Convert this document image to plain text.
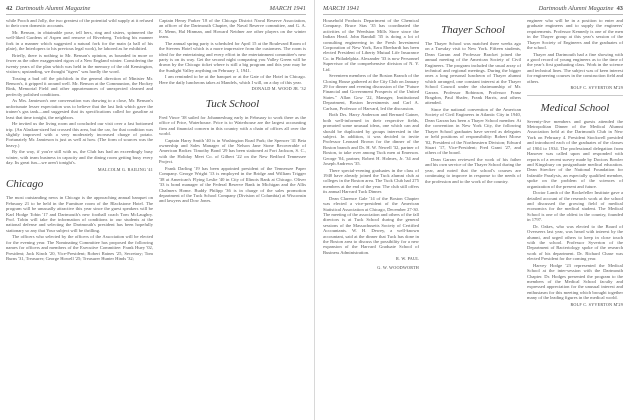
42 Dartmouth Alumni Magazine	MARCH 1941

while Pooch and Jolly, the two greatest of the potential wild supply at it refused to their own domestic accounts.

Mr. Benson, in obtainable pose, tell hers, ring and sisters, spinnered the well-liked Gardens of Aspen and remove of Riverberg. Twirling his manner fork in a manner which suggested a natural fork for the main (a ball of his plate), the Interlopers to his previous legal work), he labored as he exhibited.

Briefly, there is nothing to Mr. Benson's opinion, as bounded in more or fewer as the other exaggerated rigors of a New England winter. Considering the twenty years of the plan which was held in the memory of the old Kensington, visitors; upstanding, we thought "tigers" was hardly the word.

Tossing a bud off the pitchfork in the general direction of Minister Mr. Benson's, it gripped it around well. Mr. Benson at the Communion, the Hockey Rink, Memorial Field and other appurtenances of unexpected cleaned and perfectly polished conditions.

As Mrs. Jamieson's one conversation was drawing to a close, Mr. Benson's unfortunate lesser expectation was to believe that the last link which gave the trainer's gas tank—and suggested that its specifications called for gasoline at least that time tonight, the neighbors.

He invited us the living room and concluded our visit over a fast bottomed trip. (An Alaskan-sized hat crossed this area, but the car, for that condition was slightly improved with a very moderately increased charge of potato. Fortunately Mr. Jamieson is just as well at how. (The form of sources was the heavy.)

By the way, if you're still with us, the Club has had an exceedingly busy winter, with team business in capacity and the dining room getting busy every day. Its great fun—we aren't tonight's.

MALCOLM G. RAILING '41
Chicago

The most outstanding news in Chicago is the approaching annual banquet on February 21 to be held in the Furniture room of the Blackstone Hotel. The program will be unusually attractive this year since the guest speakers will be Karl Hodge Tobin '17 and Dartmouth's new football coach Tom McLaughry. Prof. Tobin will take the information of conditions to our students at the national defense and selecting the Dartmouth's president has been hopefully stationary so any that Your subject will be thrilling.

The officers who selected by the officers of the Association will be elected for the evening year. The Nominating Committee has proposed the following names for officers and members of the Executive Committee: Frank Huey '02, President; Jack Kinch '20, Vice-President; Robert Raines '25, Secretary; Tom Burns '31, Treasurer; George Howell '25; Treasurer Hunter Hinds '32;

Captain Henry Parker '18 of the Chicago District Naval Reserve Association, an officer of the Dartmouth Chapter, the Naval Reserve committee, and G. A. E. Menn, Hal Hinman, and Howard Neidner are other players on the winter team.

The annual spring party is scheduled for April 15 at the Boulevard Room of the Stevens Hotel which is a more impressive from the customers. The room is ideal for the entertaining and every effort in the entertainment committee's new party is on its way. Get the second night comparing you Valley Green will be drawn by the Chicago ticket where is still a big program and this year may be the Sunlight Valley anything on February 1, 1941.

I am reminded to be at the banquet or at the Gate of the Hotel in Chicago. Here the daily luncheons takes at Mandels, which I will, on a day of this year.

DONALD M. WOOD JR. '32
Tuck School

Fred Vince '38 sailed for Johannesburg early in February to work there as the office of Price, Waterhouse. Price is to Waterhouse are the largest accounting firm and financial concern in this country with a chain of offices all over the world.

Captain Harry Smith '40 is in Washington Road Park; the Spencer '41 Beta ownership and Sales Manager of the Nelson Jane Stone Recoverable of American Broker. Timothy Bond '29 has been stationed at Fort Jackson, S. C., with the Holiday Meet Co. of Gilbert '22 on the New Bedford Tennessee Project.

Frank Darling '19 has been appointed president of the Tennessee Paper Company. George Wright '13 is employed in the Bridge and William Trigger '38 at American's Flying Leslie '40 in City of Illinois Bank at Chicago. Oliver '33 is bond manager of the Federal Reserve Bank in Michigan and the Allis Chalmers Home. Buddy Philipp '36 is in charge of the sales promotion department of the Tuck School Company (Division of Columbia) at Wisconsin and lawyers and Dow Jones.

MARCH 1941	Dartmouth Alumni Magazine 43

Household Products Department of the Chemical Company. Bruce Stas '35 has coordinated the activities of the Weedston Mills Store since the Indian Head. John Randall '35 is doing a lot of consulting engineering in the Fresh Investment Corporation of New York, Ezra Eberhardt has been elected President of Liberty Mutual Life Insurance Co. in Philadelphia. Alexander '33 is now Personnel Supervisor of the comprehensive division of N. Y. Ltd.

Seventeen members of the Boston Branch of the Closing House gathered at the City Club on January 29 for dinner and evening discussion of the "Future Financial and Government Prospects of the United States." Allan Gow '22, Manager, Institutional Department, Boston Investments and Carl A. Carlson, Professor of Harvard, led the discussion.

Both Drs. Harry Anderson and Bernard Gainer, both well-informed in their respective fields, promoted some unusual ideas, one which can and should be duplicated by groups interested in the subject. In addition, it was decided to invite Professor Leonard Brown for the dinner of the Boston branch and Dr. H. W. Newell '32, partner of Boston, to take over among Tuck men at Emerson. George '04, partner, Robert H. Holmes, Jr. '34 and Joseph Andrews '35.

There special-evening graduates in the class of 1940 have already joined the Tuck alumni club at colleges in the Boston area. The Tuck Club had 275 members at the end of the year. The club still offers its annual Harvard Tuck Dinner.

Dean Clarence Gale '14 of the Boston Chapter was elected a vice-president of the American Statistical Association at Chicago, December 27-30. The meeting of the association and others of the fall directors is at Tuck School during the general sessions of the Massachusetts Society of Certified Accountants. W. H. Dewey, a well-known accountant, said at the dinner that Tuck has done in the Boston area to discuss the possibility for a new expansion of the Harvard Graduate School of Business Administration.

R. W. PAUL
G. W. WOODWORTH
Thayer School

The Thayer School was matched three weeks ago on a Tuesday visit to New York. Fifteen students, Dean Garran and Professor Bracket joined the annual meeting of the American Society of Civil Engineers. The program included the usual array of technical and regional meetings. During the bigger ones a long personal luncheon of Thayer alumni which arranged, one constant interest at the Thayer School Council under the chairmanship of Mr. Garran. Professor Robinson, Professor Franz Bragdon, Paul Shafer, Frank Harris, and others attended.

Since the national convention of the American Society of Civil Engineers in Atlantic City in 1940, Dean Garran has been a Thayer School member. At the convention in New York City, the following Thayer School graduates have served as delegates or held positions of responsibility: Robert Morse '02, President of the Northeastern Division; Edward Stuart '17, Vice-President; Fred Grant '27, and others of the board.

Dean Garran reviewed the work of his father and his own service of the Thayer School during the year, and noted that the school's courses are continuing to improve in response to the needs of the profession and to the work of the country.

engineer who will be in a position to enter and graduate engineers and to supply the engineers' requirements. Professor Kennedy is one of the men in the Thayer group at this year's session of the Thayer Society of Engineers and the graduates of the school.

Thayer and Dartmouth had a fine showing with a good record of young engineers as to the time of the year's first graduating class. Work in the science and technical lines. The subject was of keen interest for engineering courses in the construction field and others.

ROLF C. SYVERTON M'29
Medical School

Seventy-five members and guests attended the Metropolitan Dinner of the Medical Alumni Association held at the Dartmouth Club in New York on February 4. President Stockwell presided and introduced each of the graduates of the classes of 1904 to 1934. The professional delegation from Hanover was called upon and responded with reports of a recent survey made by Doctors Bowler and Kingsbury on postgraduate medical education. Dean Strecker of the National Foundation for Infantile Paralysis, an especially qualified member, spoke on the problem of the sciences of organization of the present and future.

Doctor Lamb of the Rockefeller Institute gave a detailed account of the research work at the school and discussed the growing field of medical economics for the medical student. The Medical School is one of the oldest in the country, founded in 1797.

Dr. Oakes, who was elected to the Board of Overseers last year, was heard with interest by the alumni, and urged others to keep in close touch with the school. Professor Syverton of the Department of Bacteriology spoke of the research work of his department. Dr. Richard Chase was elected President for the coming year.

Harvey Hodge '23 represented the Medical School at the inter-session with the Dartmouth Chapter. Dr. Hodges presented the program to the members of the Medical School faculty and expressed appreciation for the unusual interest and enthusiasm for this meeting which brought together many of the leading figures in the medical world.

ROLF C. SYVERTON M'29
